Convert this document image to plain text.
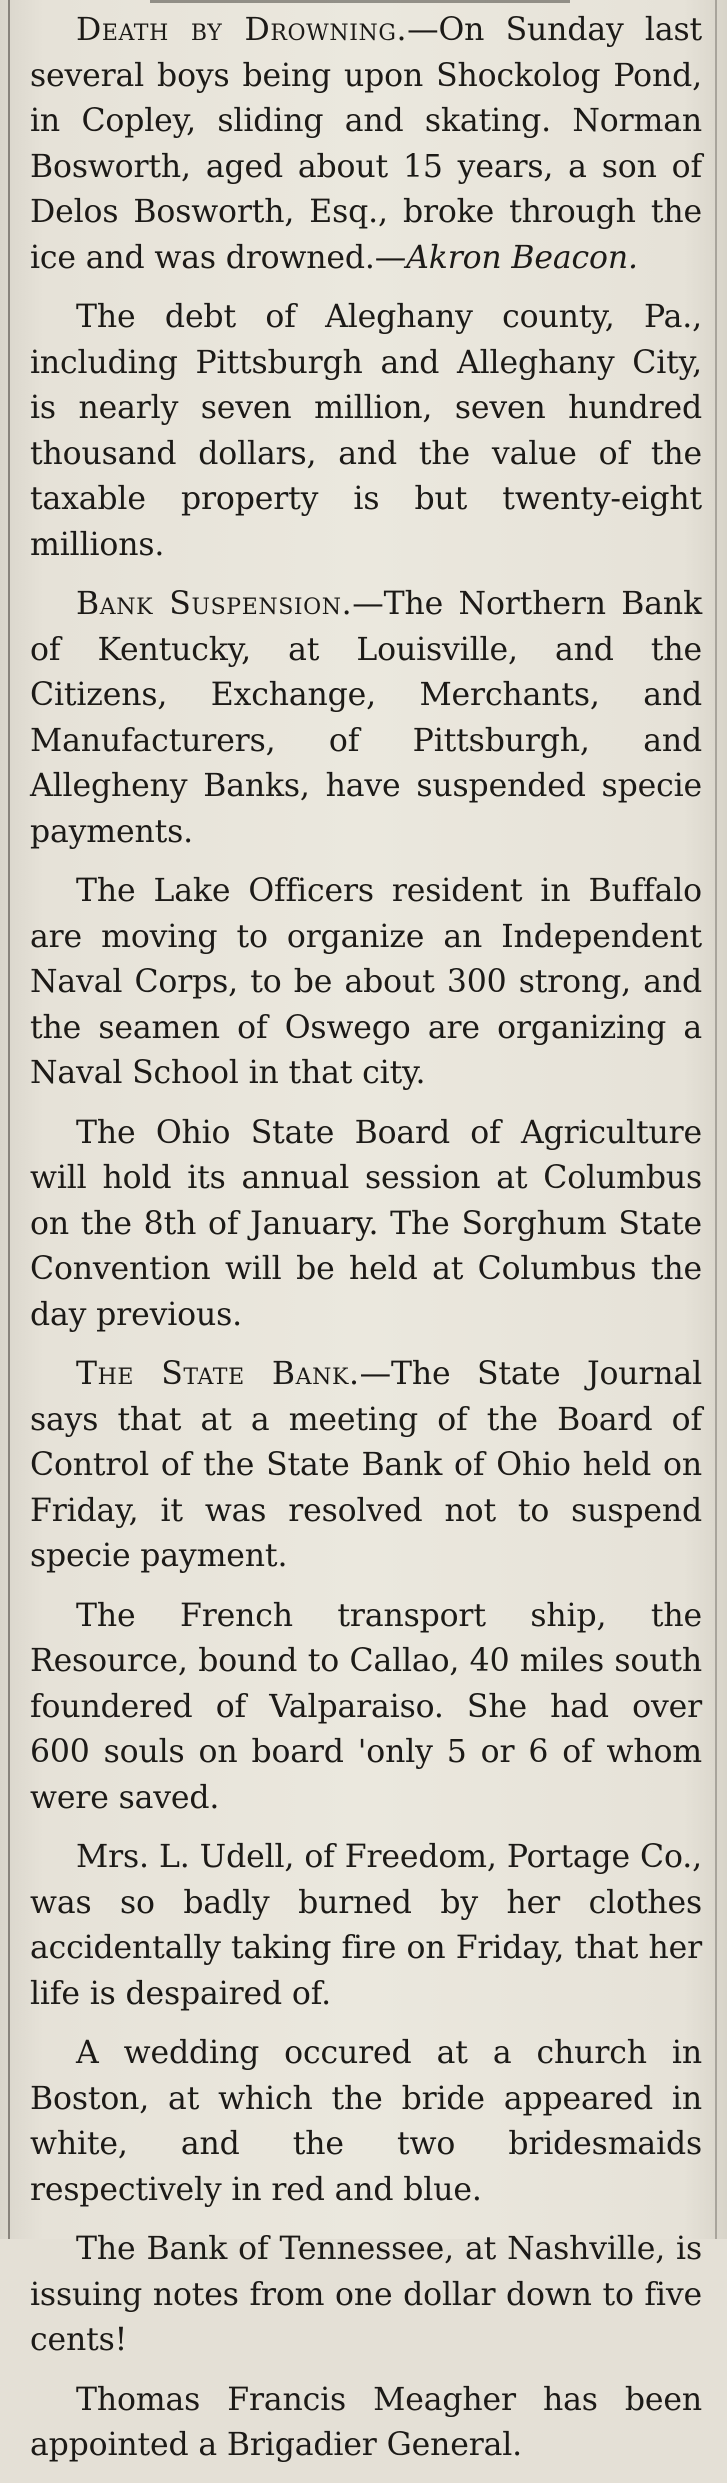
Death by Drowning.—On Sunday last several boys being upon Shockolog Pond, in Copley, sliding and skating. Norman Bosworth, aged about 15 years, a son of Delos Bosworth, Esq., broke through the ice and was drowned.—Akron Beacon.

The debt of Aleghany county, Pa., including Pittsburgh and Alleghany City, is nearly seven million, seven hundred thousand dollars, and the value of the taxable property is but twenty-eight millions.

Bank Suspension.—The Northern Bank of Kentucky, at Louisville, and the Citizens, Exchange, Merchants, and Manufacturers, of Pittsburgh, and Allegheny Banks, have suspended specie payments.

The Lake Officers resident in Buffalo are moving to organize an Independent Naval Corps, to be about 300 strong, and the seamen of Oswego are organizing a Naval School in that city.

The Ohio State Board of Agriculture will hold its annual session at Columbus on the 8th of January. The Sorghum State Convention will be held at Columbus the day previous.

The State Bank.—The State Journal says that at a meeting of the Board of Control of the State Bank of Ohio held on Friday, it was resolved not to suspend specie payment.

The French transport ship, the Resource, bound to Callao, 40 miles south foundered of Valparaiso. She had over 600 souls on board 'only 5 or 6 of whom were saved.

Mrs. L. Udell, of Freedom, Portage Co., was so badly burned by her clothes accidentally taking fire on Friday, that her life is despaired of.

A wedding occured at a church in Boston, at which the bride appeared in white, and the two bridesmaids respectively in red and blue.

The Bank of Tennessee, at Nashville, is issuing notes from one dollar down to five cents!

Thomas Francis Meagher has been appointed a Brigadier General.
